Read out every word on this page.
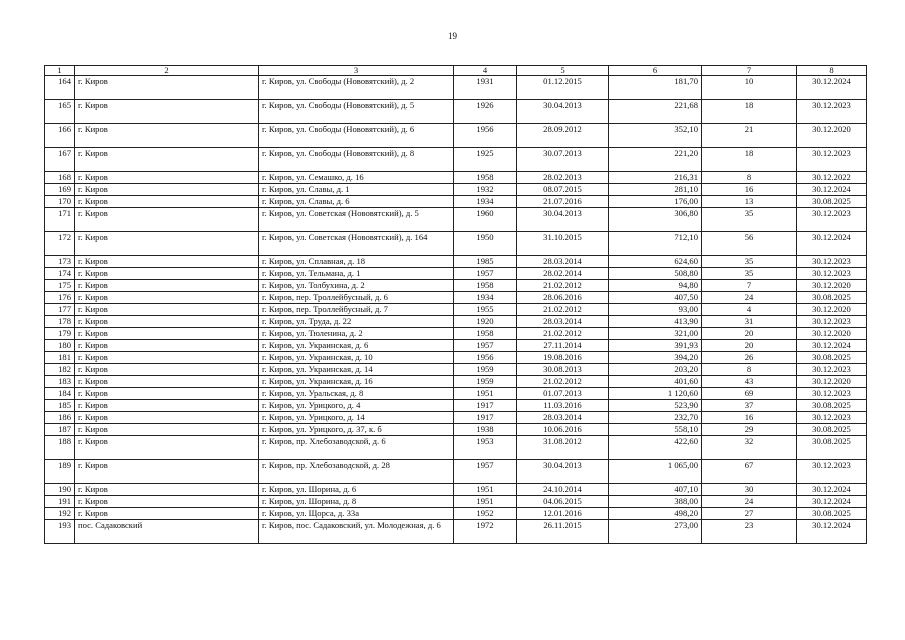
19
1	2	3	4	5	6	7	8
164	г. Киров	г. Киров, ул. Свободы (Нововятский), д. 2	1931	01.12.2015	181,70	10	30.12.2024
165	г. Киров	г. Киров, ул. Свободы (Нововятский), д. 5	1926	30.04.2013	221,68	18	30.12.2023
166	г. Киров	г. Киров, ул. Свободы (Нововятский), д. 6	1956	28.09.2012	352,10	21	30.12.2020
167	г. Киров	г. Киров, ул. Свободы (Нововятский), д. 8	1925	30.07.2013	221,20	18	30.12.2023
168	г. Киров	г. Киров, ул. Семашко, д. 16	1958	28.02.2013	216,31	8	30.12.2022
169	г. Киров	г. Киров, ул. Славы, д. 1	1932	08.07.2015	281,10	16	30.12.2024
170	г. Киров	г. Киров, ул. Славы, д. 6	1934	21.07.2016	176,00	13	30.08.2025
171	г. Киров	г. Киров, ул. Советская (Нововятский), д. 5	1960	30.04.2013	306,80	35	30.12.2023
172	г. Киров	г. Киров, ул. Советская (Нововятский), д. 164	1950	31.10.2015	712,10	56	30.12.2024
173	г. Киров	г. Киров, ул. Сплавная, д. 18	1985	28.03.2014	624,60	35	30.12.2023
174	г. Киров	г. Киров, ул. Тельмана, д. 1	1957	28.02.2014	508,80	35	30.12.2023
175	г. Киров	г. Киров, ул. Толбухина, д. 2	1958	21.02.2012	94,80	7	30.12.2020
176	г. Киров	г. Киров, пер. Троллейбусный, д. 6	1934	28.06.2016	407,50	24	30.08.2025
177	г. Киров	г. Киров, пер. Троллейбусный, д. 7	1955	21.02.2012	93,00	4	30.12.2020
178	г. Киров	г. Киров, ул. Труда, д. 22	1920	28.03.2014	413,90	31	30.12.2023
179	г. Киров	г. Киров, ул. Тюленина, д. 2	1958	21.02.2012	321,00	20	30.12.2020
180	г. Киров	г. Киров, ул. Украинская, д. 6	1957	27.11.2014	391,93	20	30.12.2024
181	г. Киров	г. Киров, ул. Украинская, д. 10	1956	19.08.2016	394,20	26	30.08.2025
182	г. Киров	г. Киров, ул. Украинская, д. 14	1959	30.08.2013	203,20	8	30.12.2023
183	г. Киров	г. Киров, ул. Украинская, д. 16	1959	21.02.2012	401,60	43	30.12.2020
184	г. Киров	г. Киров, ул. Уральская, д. 8	1951	01.07.2013	1 120,60	69	30.12.2023
185	г. Киров	г. Киров, ул. Урицкого, д. 4	1917	11.03.2016	523,90	37	30.08.2025
186	г. Киров	г. Киров, ул. Урицкого, д. 14	1917	28.03.2014	232,70	16	30.12.2023
187	г. Киров	г. Киров, ул. Урицкого, д. 37, к. б	1938	10.06.2016	558,10	29	30.08.2025
188	г. Киров	г. Киров, пр. Хлебозаводской, д. 6	1953	31.08.2012	422,60	32	30.08.2025
189	г. Киров	г. Киров, пр. Хлебозаводской, д. 28	1957	30.04.2013	1 065,00	67	30.12.2023
190	г. Киров	г. Киров, ул. Шорина, д. 6	1951	24.10.2014	407,10	30	30.12.2024
191	г. Киров	г. Киров, ул. Шорина, д. 8	1951	04.06.2015	388,00	24	30.12.2024
192	г. Киров	г. Киров, ул. Щорса, д. 33а	1952	12.01.2016	498,20	27	30.08.2025
193	пос. Садаковский	г. Киров, пос. Садаковский, ул. Молодежная, д. 6	1972	26.11.2015	273,00	23	30.12.2024
